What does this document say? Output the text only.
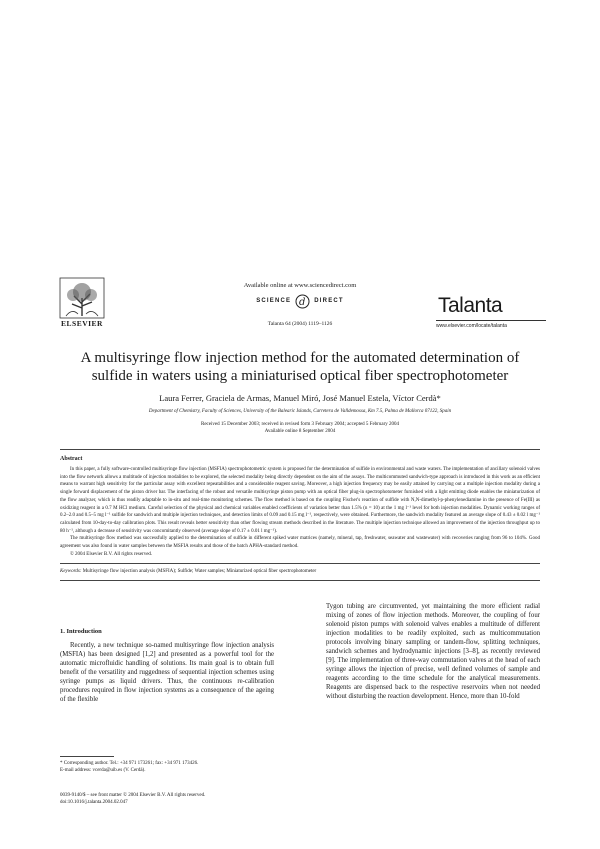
ELSEVIER
Available online at www.sciencedirect.com
SCIENCE d DIRECT
Talanta 64 (2004) 1119–1126
Talanta
www.elsevier.com/locate/talanta
A multisyringe flow injection method for the automated determination of
sulfide in waters using a miniaturised optical fiber spectrophotometer
Laura Ferrer, Graciela de Armas, Manuel Miró, José Manuel Estela, Víctor Cerdà*
Department of Chemistry, Faculty of Sciences, University of the Balearic Islands, Carretera de Valldemossa, Km 7.5, Palma de Mallorca 07122, Spain
Received 15 December 2003; received in revised form 3 February 2004; accepted 5 February 2004
Available online 8 September 2004
Abstract

In this paper, a fully software-controlled multisyringe flow injection (MSFIA) spectrophotometric system is proposed for the determination of sulfide in environmental and waste waters. The implementation of ancillary solenoid valves into the flow network allows a multitude of injection modalities to be explored, the selected modality being directly dependent on the aim of the assays. The multicommuted sandwich-type approach is introduced in this work as an efficient means to warrant high sensitivity for the particular assay with excellent repeatabilities and a considerable reagent saving. Moreover, a high injection frequency may be easily attained by carrying out a multiple injection modality during a single forward displacement of the piston driver bar. The interfacing of the robust and versatile multisyringe piston pump with an optical fiber plug-in spectrophotometer furnished with a light emitting diode enables the miniaturization of the flow analyzer, which is thus readily adaptable to in-situ and real-time monitoring schemes. The flow method is based on the coupling Fischer's reaction of sulfide with N,N-dimethyl-p-phenylenediamine in the presence of Fe(III) as oxidizing reagent in a 0.7 M HCl medium. Careful selection of the physical and chemical variables enabled coefficients of variation better than 1.5% (n = 10) at the 1 mg l⁻¹ level for both injection modalities. Dynamic working ranges of 0.2–2.0 and 0.5–5 mg l⁻¹ sulfide for sandwich and multiple injection techniques, and detection limits of 0.09 and 0.15 mg l⁻¹, respectively, were obtained. Furthermore, the sandwich modality featured an average slope of 0.43 ± 0.02 l mg⁻¹ calculated from 10-day-to-day calibration plots. This result reveals better sensitivity than other flowing stream methods described in the literature. The multiple injection technique allowed an improvement of the injection throughput up to 80 h⁻¹, although a decrease of sensitivity was concomitantly observed (average slope of 0.17 ± 0.01 l mg⁻¹).

The multisyringe flow method was successfully applied to the determination of sulfide in different spiked water matrices (namely, mineral, tap, freshwater, seawater and wastewater) with recoveries ranging from 96 to 104%. Good agreement was also found in water samples between the MSFIA results and those of the batch APHA-standard method.

© 2004 Elsevier B.V. All rights reserved.

Keywords: Multisyringe flow injection analysis (MSFIA); Sulfide; Water samples; Miniaturized optical fiber spectrophotometer
1. Introduction

Recently, a new technique so-named multisyringe flow injection analysis (MSFIA) has been designed [1,2] and presented as a powerful tool for the automatic microfluidic handling of solutions. Its main goal is to obtain full benefit of the versatility and ruggedness of sequential injection schemes using syringe pumps as liquid drivers. Thus, the continuous re-calibration procedures required in flow injection systems as a consequence of the ageing of the flexible

Tygon tubing are circumvented, yet maintaining the more efficient radial mixing of zones of flow injection methods. Moreover, the coupling of four solenoid piston pumps with solenoid valves enables a multitude of different injection modalities to be readily exploited, such as multicommutation protocols involving binary sampling or tandem-flow, splitting techniques, sandwich schemes and hydrodynamic injections [3–8], as recently reviewed [9]. The implementation of three-way commutation valves at the head of each syringe allows the injection of precise, well defined volumes of sample and reagents according to the time schedule for the analytical measurements. Reagents are dispensed back to the respective reservoirs when not needed without disturbing the reaction development. Hence, more than 10-fold

* Corresponding author. Tel.: +34 971 173261; fax: +34 971 173426.
E-mail address: vcerda@uib.es (V. Cerdà).
0039-9140/$ – see front matter © 2004 Elsevier B.V. All rights reserved.
doi:10.1016/j.talanta.2004.02.047
